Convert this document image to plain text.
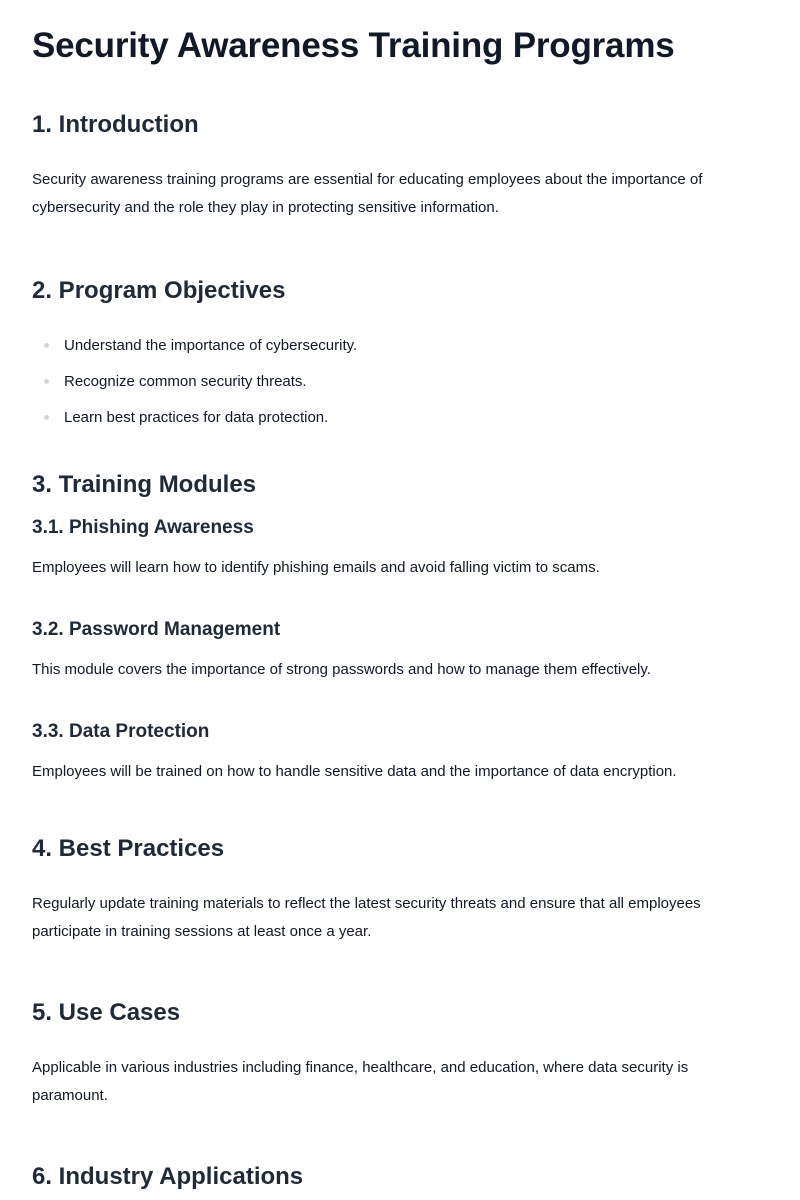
Security Awareness Training Programs
1. Introduction

Security awareness training programs are essential for educating employees about the importance of cybersecurity and the role they play in protecting sensitive information.

2. Program Objectives
Understand the importance of cybersecurity.
Recognize common security threats.
Learn best practices for data protection.
3. Training Modules
3.1. Phishing Awareness

Employees will learn how to identify phishing emails and avoid falling victim to scams.

3.2. Password Management

This module covers the importance of strong passwords and how to manage them effectively.

3.3. Data Protection

Employees will be trained on how to handle sensitive data and the importance of data encryption.

4. Best Practices

Regularly update training materials to reflect the latest security threats and ensure that all employees participate in training sessions at least once a year.

5. Use Cases

Applicable in various industries including finance, healthcare, and education, where data security is paramount.

6. Industry Applications
